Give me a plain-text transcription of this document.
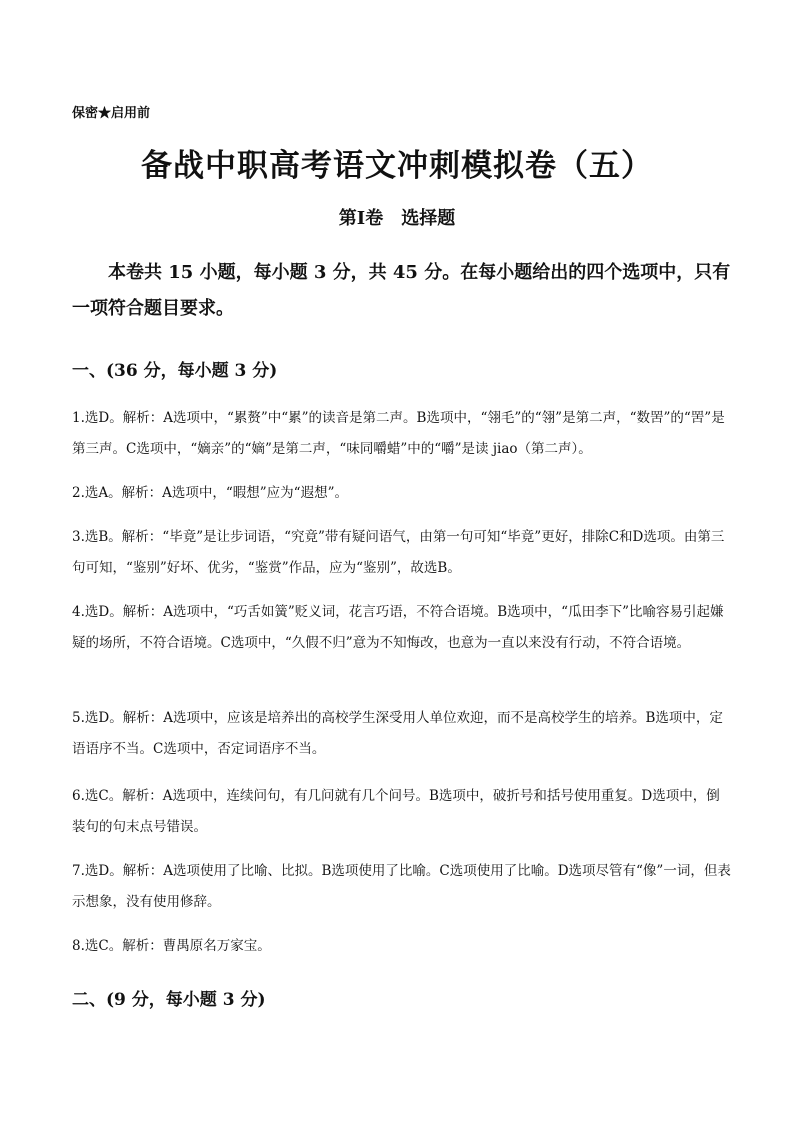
保密★启用前
备战中职高考语文冲刺模拟卷（五）
第Ⅰ卷　选择题
本卷共 15 小题，每小题 3 分，共 45 分。在每小题给出的四个选项中，只有一项符合题目要求。
一、(36 分，每小题 3 分)
1.选D。解析：A选项中，“累赘”中“累”的读音是第二声。B选项中，“翎毛”的“翎”是第二声，“数罟”的“罟”是第三声。C选项中，“嫡亲”的“嫡”是第二声，“味同嚼蜡”中的“嚼”是读 jiao（第二声）。
2.选A。解析：A选项中，“暇想”应为“遐想”。
3.选B。解析：“毕竟”是让步词语，“究竟”带有疑问语气，由第一句可知“毕竟”更好，排除C和D选项。由第三句可知，“鉴别”好坏、优劣，“鉴赏”作品，应为“鉴别”，故选B。
4.选D。解析：A选项中，“巧舌如簧”贬义词，花言巧语，不符合语境。B选项中，“瓜田李下”比喻容易引起嫌疑的场所，不符合语境。C选项中，“久假不归”意为不知悔改，也意为一直以来没有行动，不符合语境。
5.选D。解析：A选项中，应该是培养出的高校学生深受用人单位欢迎，而不是高校学生的培养。B选项中，定语语序不当。C选项中，否定词语序不当。
6.选C。解析：A选项中，连续问句，有几问就有几个问号。B选项中，破折号和括号使用重复。D选项中，倒装句的句末点号错误。
7.选D。解析：A选项使用了比喻、比拟。B选项使用了比喻。C选项使用了比喻。D选项尽管有“像”一词，但表示想象，没有使用修辞。
8.选C。解析：曹禺原名万家宝。
二、(9 分，每小题 3 分)
